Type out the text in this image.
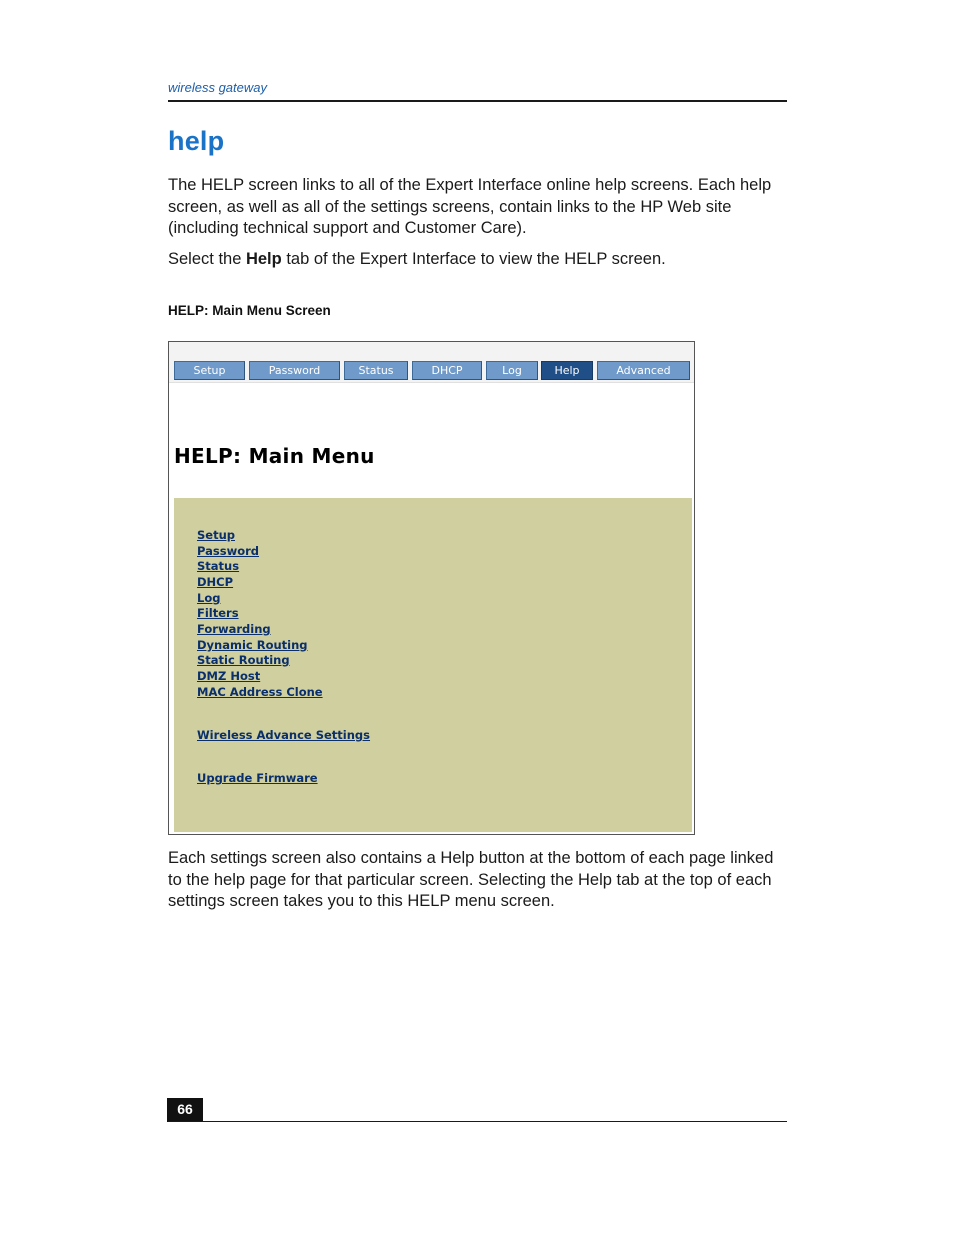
wireless gateway
help

The HELP screen links to all of the Expert Interface online help screens. Each help screen, as well as all of the settings screens, contain links to the HP Web site (including technical support and Customer Care).

Select the Help tab of the Expert Interface to view the HELP screen.

HELP: Main Menu Screen

Setup	Password	Status	DHCP	Log	Help	Advanced
HELP: Main Menu
Setup
Password
Status
DHCP
Log
Filters
Forwarding
Dynamic Routing
Static Routing
DMZ Host
MAC Address Clone
Wireless Advance Settings
Upgrade Firmware

Each settings screen also contains a Help button at the bottom of each page linked to the help page for that particular screen. Selecting the Help tab at the top of each settings screen takes you to this HELP menu screen.

66
